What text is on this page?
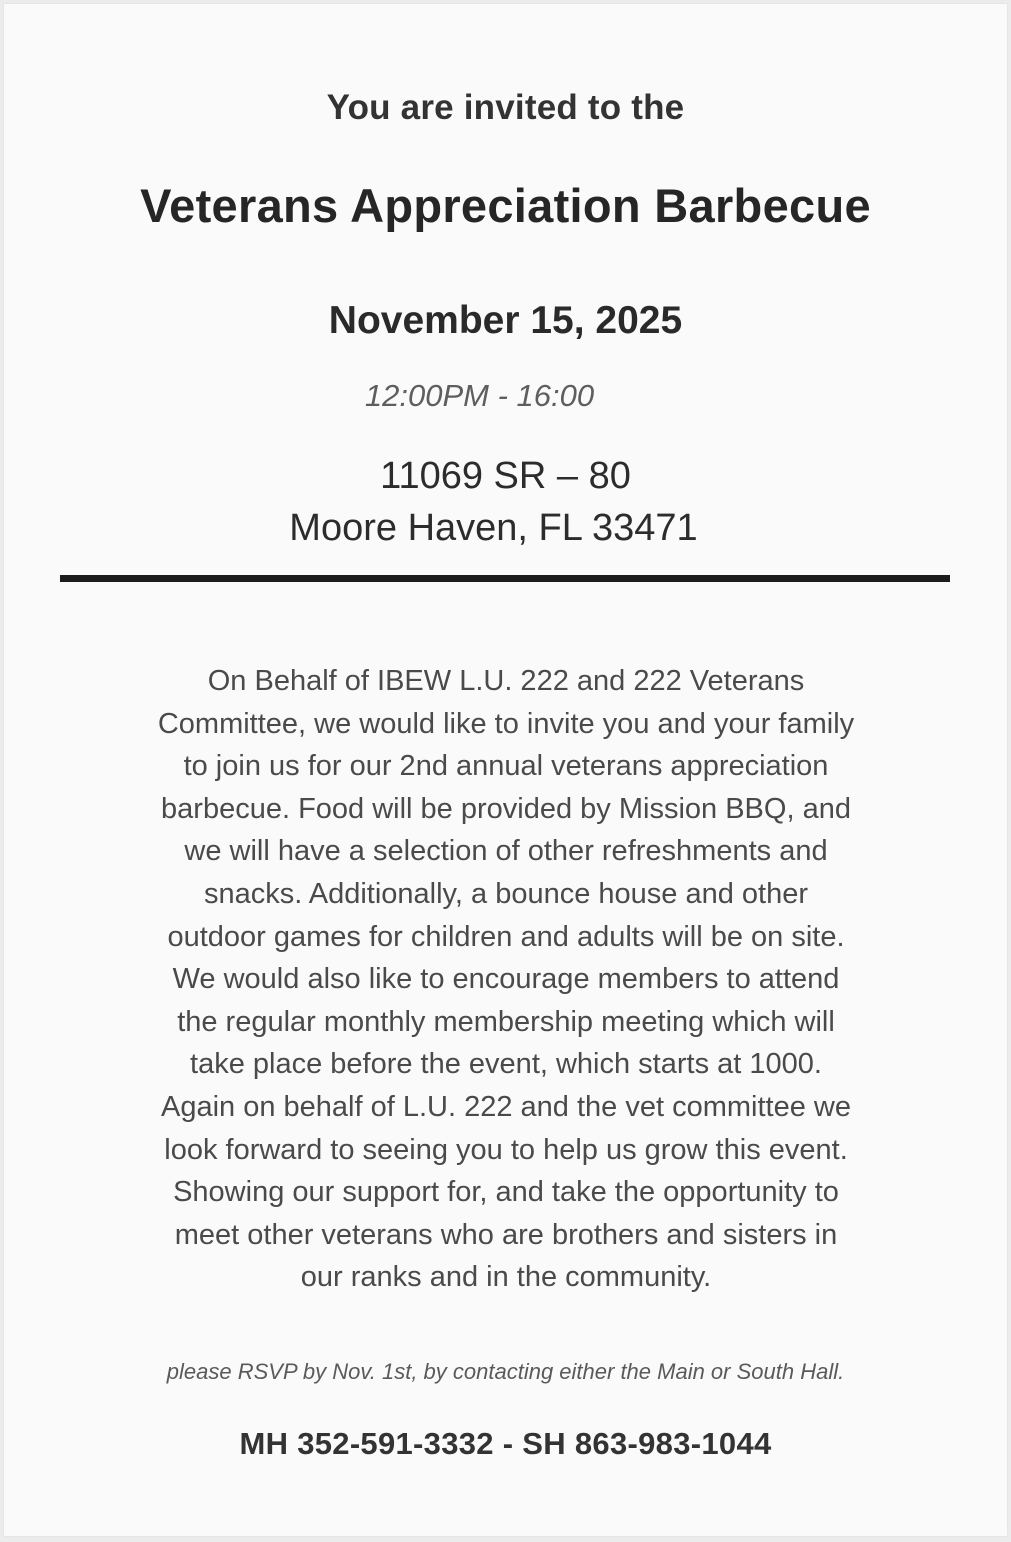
You are invited to the
Veterans Appreciation Barbecue
November 15, 2025
12:00PM - 16:00
11069 SR – 80
Moore Haven, FL 33471
On Behalf of IBEW L.U. 222 and 222 Veterans
Committee, we would like to invite you and your family
to join us for our 2nd annual veterans appreciation
barbecue. Food will be provided by Mission BBQ, and
we will have a selection of other refreshments and
snacks. Additionally, a bounce house and other
outdoor games for children and adults will be on site.
We would also like to encourage members to attend
the regular monthly membership meeting which will
take place before the event, which starts at 1000.
Again on behalf of L.U. 222 and the vet committee we
look forward to seeing you to help us grow this event.
Showing our support for, and take the opportunity to
meet other veterans who are brothers and sisters in
our ranks and in the community.
please RSVP by Nov. 1st, by contacting either the Main or South Hall.
MH 352-591-3332 - SH 863-983-1044
